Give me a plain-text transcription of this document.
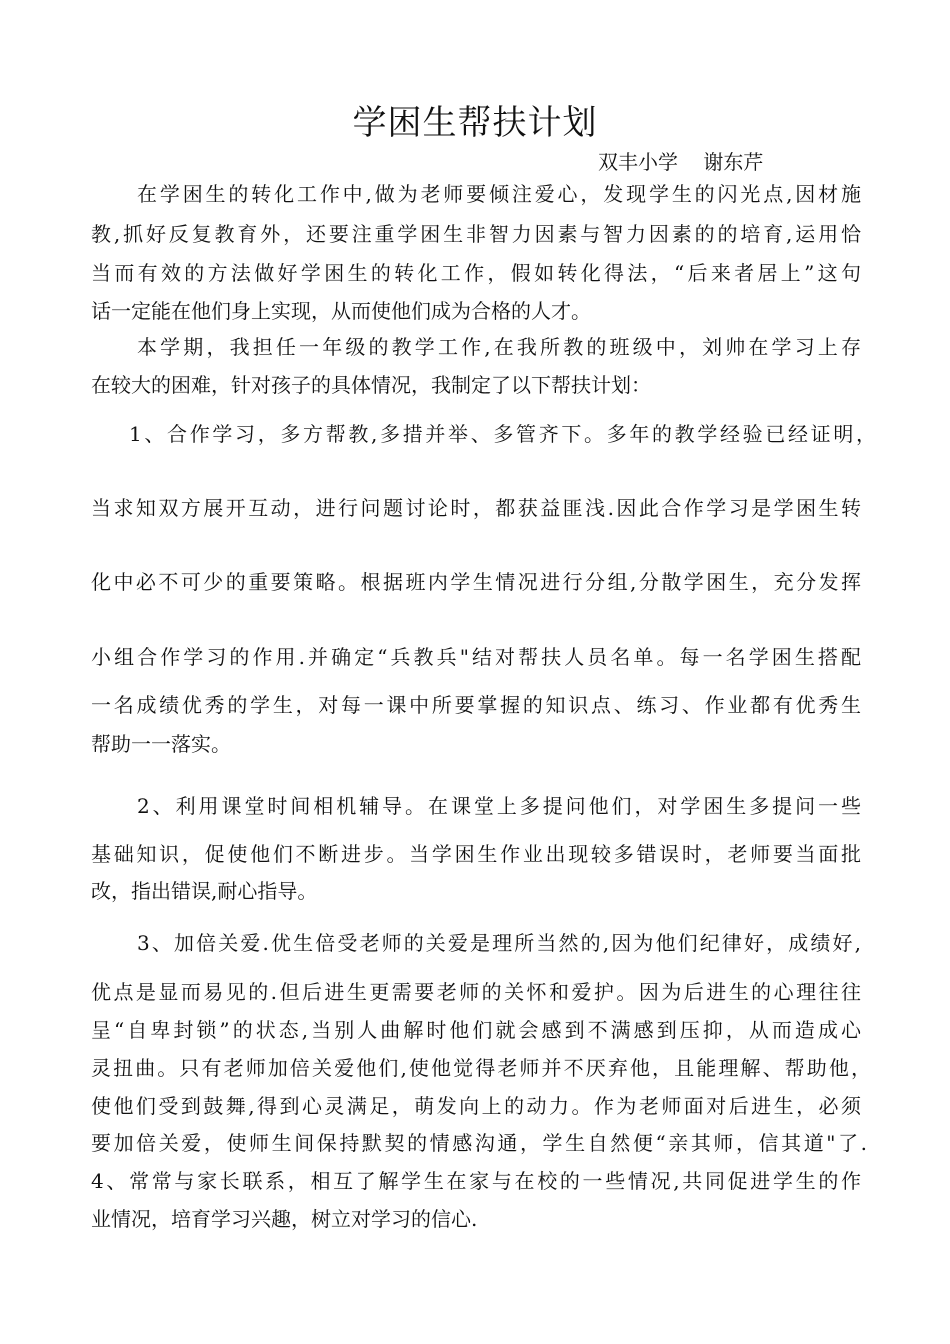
学困生帮扶计划
双丰小学    谢东芹
在学困生的转化工作中,做为老师要倾注爱心，发现学生的闪光点,因材施
教,抓好反复教育外，还要注重学困生非智力因素与智力因素的的培育,运用恰
当而有效的方法做好学困生的转化工作，假如转化得法，“后来者居上”这句
话一定能在他们身上实现，从而使他们成为合格的人才。
本学期，我担任一年级的教学工作,在我所教的班级中，刘帅在学习上存
在较大的困难，针对孩子的具体情况，我制定了以下帮扶计划：
1、合作学习，多方帮教,多措并举、多管齐下。多年的教学经验已经证明，
当求知双方展开互动，进行问题讨论时，都获益匪浅.因此合作学习是学困生转
化中必不可少的重要策略。根据班内学生情况进行分组,分散学困生，充分发挥
小组合作学习的作用.并确定“兵教兵"结对帮扶人员名单。每一名学困生搭配
一名成绩优秀的学生，对每一课中所要掌握的知识点、练习、作业都有优秀生
帮助一一落实。
2、利用课堂时间相机辅导。在课堂上多提问他们，对学困生多提问一些
基础知识，促使他们不断进步。当学困生作业出现较多错误时，老师要当面批
改，指出错误,耐心指导。
3、加倍关爱.优生倍受老师的关爱是理所当然的,因为他们纪律好，成绩好,
优点是显而易见的.但后进生更需要老师的关怀和爱护。因为后进生的心理往往
呈“自卑封锁”的状态,当别人曲解时他们就会感到不满感到压抑，从而造成心
灵扭曲。只有老师加倍关爱他们,使他觉得老师并不厌弃他，且能理解、帮助他，
使他们受到鼓舞,得到心灵满足，萌发向上的动力。作为老师面对后进生，必须
要加倍关爱，使师生间保持默契的情感沟通，学生自然便“亲其师，信其道"了.
4、常常与家长联系，相互了解学生在家与在校的一些情况,共同促进学生的作
业情况，培育学习兴趣，树立对学习的信心.
